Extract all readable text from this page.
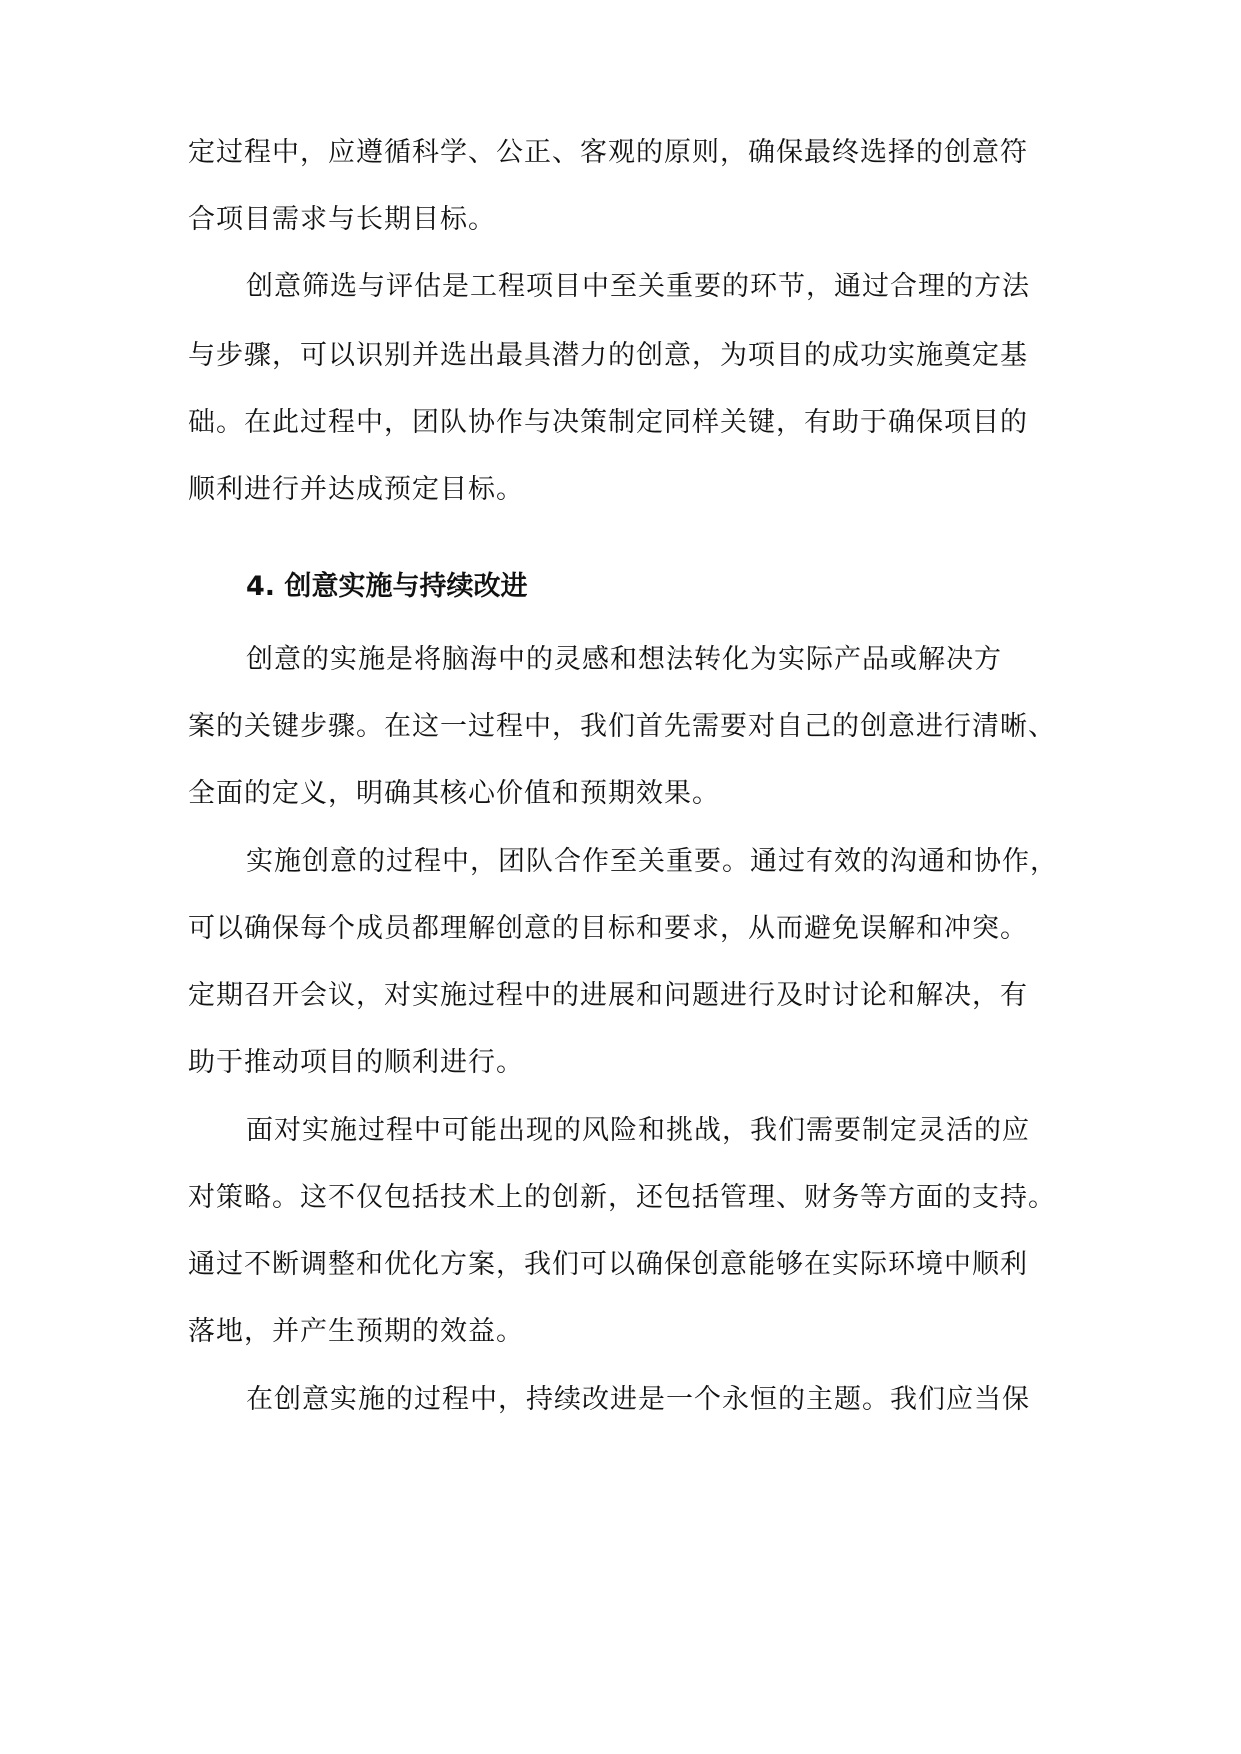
定过程中，应遵循科学、公正、客观的原则，确保最终选择的创意符
合项目需求与长期目标。
创意筛选与评估是工程项目中至关重要的环节，通过合理的方法
与步骤，可以识别并选出最具潜力的创意，为项目的成功实施奠定基
础。在此过程中，团队协作与决策制定同样关键，有助于确保项目的
顺利进行并达成预定目标。
4. 创意实施与持续改进
创意的实施是将脑海中的灵感和想法转化为实际产品或解决方
案的关键步骤。在这一过程中，我们首先需要对自己的创意进行清晰、
全面的定义，明确其核心价值和预期效果。
实施创意的过程中，团队合作至关重要。通过有效的沟通和协作，
可以确保每个成员都理解创意的目标和要求，从而避免误解和冲突。
定期召开会议，对实施过程中的进展和问题进行及时讨论和解决，有
助于推动项目的顺利进行。
面对实施过程中可能出现的风险和挑战，我们需要制定灵活的应
对策略。这不仅包括技术上的创新，还包括管理、财务等方面的支持。
通过不断调整和优化方案，我们可以确保创意能够在实际环境中顺利
落地，并产生预期的效益。
在创意实施的过程中，持续改进是一个永恒的主题。我们应当保
